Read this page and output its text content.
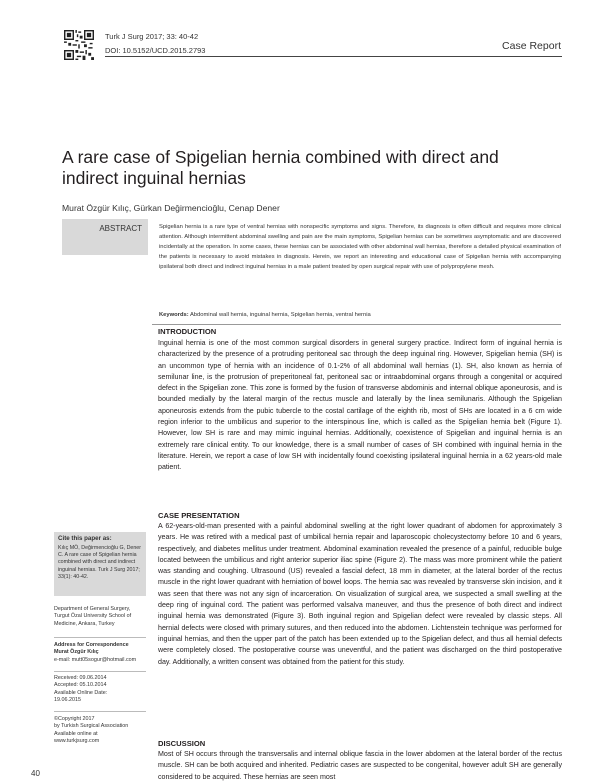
Turk J Surg 2017; 33: 40-42
DOI: 10.5152/UCD.2015.2793	Case Report
A rare case of Spigelian hernia combined with direct and indirect inguinal hernias
Murat Özgür Kılıç, Gürkan Değirmencioğlu, Cenap Dener
ABSTRACT	Spigelian hernia is a rare type of ventral hernias with nonspecific symptoms and signs. Therefore, its diagnosis is often difficult and requires more clinical attention. Although intermittent abdominal swelling and pain are the main symptoms, Spigelian hernias can be sometimes asymptomatic and are discovered incidentally at the operation. In some cases, these hernias can be associated with other abdominal wall hernias, therefore a detailed physical examination of the patients is necessary to avoid mistakes in diagnosis. Herein, we report an interesting and educational case of Spigelian hernia with accompanying ipsilateral both direct and indirect inguinal hernias in a male patient treated by open surgical repair with use of polypropylene mesh.

Keywords: Abdominal wall hernia, inguinal hernia, Spigelian hernia, ventral hernia
INTRODUCTION

Inguinal hernia is one of the most common surgical disorders in general surgery practice. Indirect form of inguinal hernia is characterized by the presence of a protruding peritoneal sac through the deep inguinal ring. However, Spigelian hernia (SH) is an uncommon type of hernia with an incidence of 0.1-2% of all abdominal wall hernias (1). SH, also known as hernia of semilunar line, is the protrusion of preperitoneal fat, peritoneal sac or intraabdominal organs through a congenital or acquired defect in the Spigelian zone. This zone is formed by the fusion of transverse abdominis and internal oblique aponeurosis, and is bounded medially by the lateral margin of the rectus muscle and laterally by the linea semilunaris. Although the Spigelian aponeurosis extends from the pubic tubercle to the costal cartilage of the eighth rib, most of SHs are located in a 6 cm wide region inferior to the umbilicus and superior to the interspinous line, which is called as the Spigelian hernia belt (Figure 1). However, low SH is rare and may mimic inguinal hernias. Additionally, coexistence of Spigelian and inguinal hernia is an extremely rare clinical entity. To our knowledge, there is a small number of cases of SH combined with inguinal hernia in the literature. Herein, we report a case of low SH with incidentally found coexisting ipsilateral inguinal hernia in a 62 years-old male patient.

CASE PRESENTATION

A 62-years-old-man presented with a painful abdominal swelling at the right lower quadrant of abdomen for approximately 3 years. He was retired with a medical past of umbilical hernia repair and laparoscopic cholecystectomy before 10 and 6 years, respectively, and diabetes mellitus under treatment. Abdominal examination revealed the presence of a painful, reducible bulge located between the umbilicus and right anterior superior iliac spine (Figure 2). The mass was more prominent while the patient was standing and coughing. Ultrasound (US) revealed a fascial defect, 18 mm in diameter, at the lateral border of the rectus muscle in the right lower quadrant with herniation of bowel loops. The hernia sac was revealed by transverse skin incision, and it was seen that there was not any sign of incarceration. On visualization of surgical area, we suspected a small swelling at the deep ring of inguinal cord. The patient was performed valsalva maneuver, and thus the presence of both direct and indirect inguinal hernia was demonstrated (Figure 3). Both inguinal region and Spigelian defect were revealed by classic steps. All hernial defects were closed with primary sutures, and then reduced into the abdomen. Lichtenstein technique was performed for inguinal hernias, and then the upper part of the patch has been extended up to the Spigelian defect, and thus all hernial defects were completely closed. The postoperative course was uneventful, and the patient was discharged on the third postoperative day. Additionally, a written consent was obtained from the patient for this study.

DISCUSSION

Most of SH occurs through the transversalis and internal oblique fascia in the lower abdomen at the lateral border of the rectus muscle. SH can be both acquired and inherited. Pediatric cases are suspected to be congenital, however adult SH are generally considered to be acquired. These hernias are seen most

Cite this paper as:

Kılıç MÖ, Değirmencioğlu G, Dener C. A rare case of Spigelian hernia combined with direct and indirect inguinal hernias. Turk J Surg 2017; 33(1): 40-42.

Department of General Surgery, Turgut Özal University School of Medicine, Ankara, Turkey
Address for Correspondence
Murat Özgür Kılıç
e-mail: mutt05sogur@hotmail.com
Received: 09.06.2014
Accepted: 05.10.2014
Available Online Date:
19.06.2015
©Copyright 2017
by Turkish Surgical Association
Available online at
www.turkjsurg.com
40
